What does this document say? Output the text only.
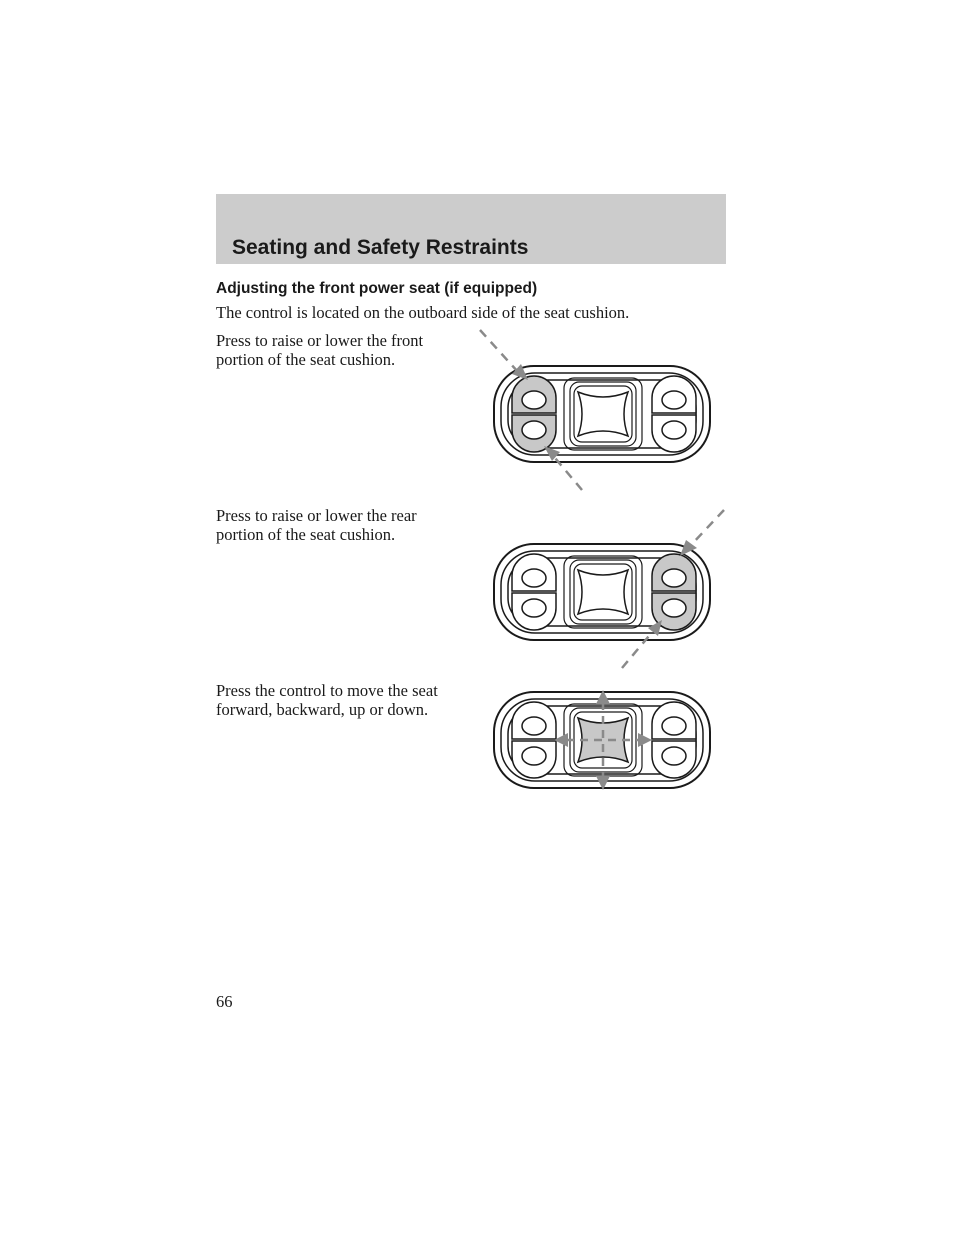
Seating and Safety Restraints
Adjusting the front power seat (if equipped)
The control is located on the outboard side of the seat cushion.
Press to raise or lower the front
portion of the seat cushion.
Press to raise or lower the rear
portion of the seat cushion.
Press the control to move the seat
forward, backward, up or down.
66
